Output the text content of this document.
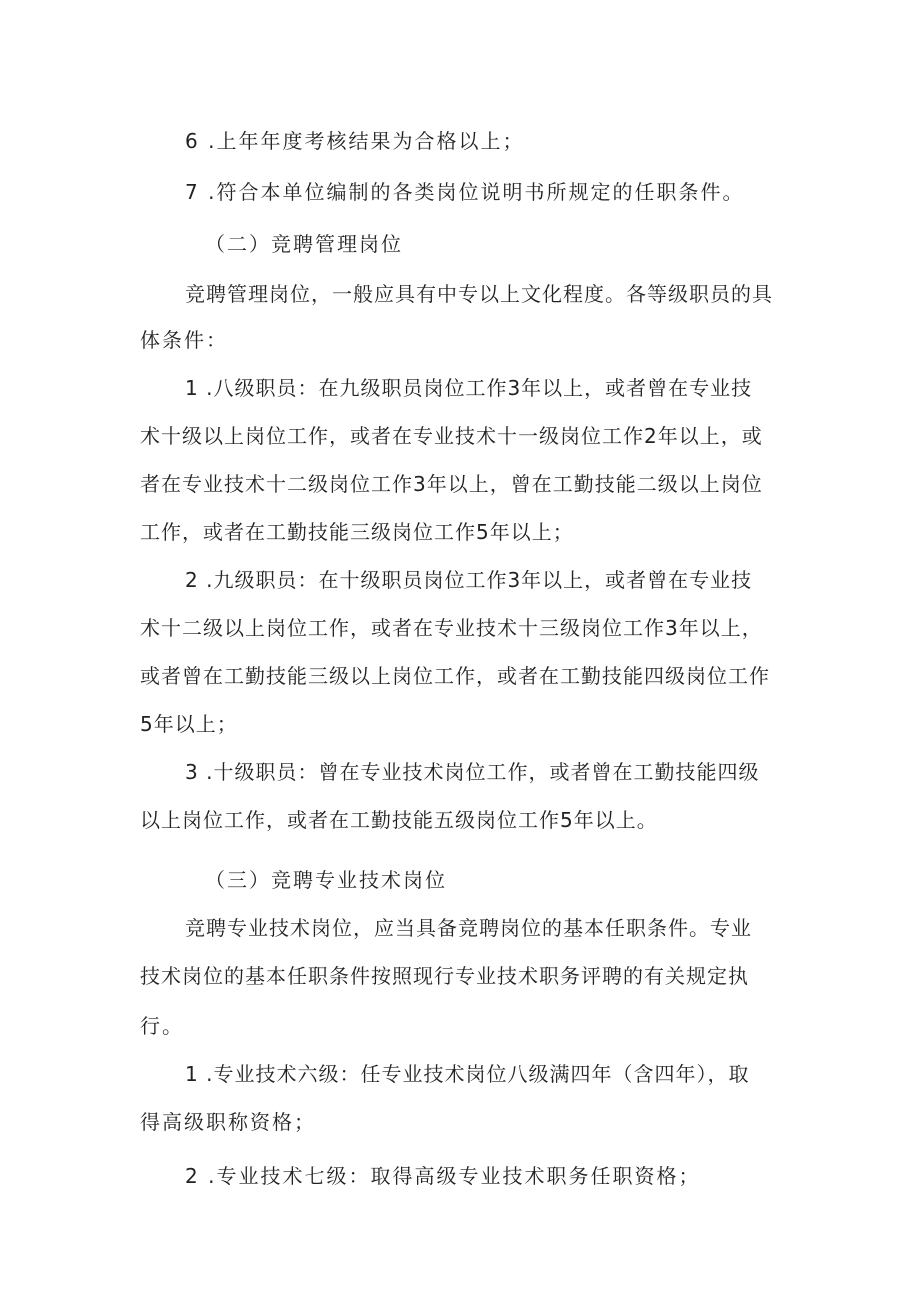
6 .上年年度考核结果为合格以上；
7 .符合本单位编制的各类岗位说明书所规定的任职条件。
（二）竞聘管理岗位
竞聘管理岗位，一般应具有中专以上文化程度。各等级职员的具
体条件：
1 .八级职员：在九级职员岗位工作3年以上，或者曾在专业技
术十级以上岗位工作，或者在专业技术十一级岗位工作2年以上，或
者在专业技术十二级岗位工作3年以上，曾在工勤技能二级以上岗位
工作，或者在工勤技能三级岗位工作5年以上；
2 .九级职员：在十级职员岗位工作3年以上，或者曾在专业技
术十二级以上岗位工作，或者在专业技术十三级岗位工作3年以上，
或者曾在工勤技能三级以上岗位工作，或者在工勤技能四级岗位工作
5年以上；
3 .十级职员：曾在专业技术岗位工作，或者曾在工勤技能四级
以上岗位工作，或者在工勤技能五级岗位工作5年以上。
（三）竞聘专业技术岗位
竞聘专业技术岗位，应当具备竞聘岗位的基本任职条件。专业
技术岗位的基本任职条件按照现行专业技术职务评聘的有关规定执
行。
1 .专业技术六级：任专业技术岗位八级满四年（含四年），取
得高级职称资格；
2 .专业技术七级：取得高级专业技术职务任职资格；
